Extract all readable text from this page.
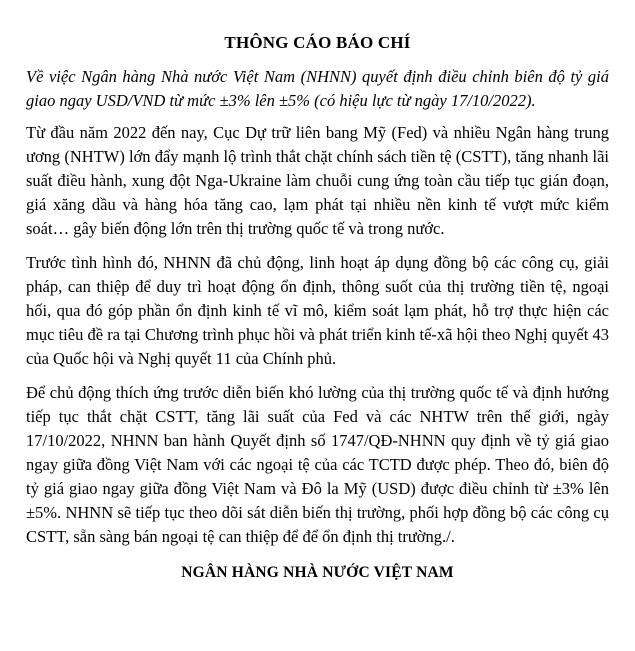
THÔNG CÁO BÁO CHÍ

Về việc Ngân hàng Nhà nước Việt Nam (NHNN) quyết định điều chỉnh biên độ tỷ giá giao ngay USD/VND từ mức ±3% lên ±5% (có hiệu lực từ ngày 17/10/2022).

Từ đầu năm 2022 đến nay, Cục Dự trữ liên bang Mỹ (Fed) và nhiều Ngân hàng trung ương (NHTW) lớn đẩy mạnh lộ trình thắt chặt chính sách tiền tệ (CSTT), tăng nhanh lãi suất điều hành, xung đột Nga-Ukraine làm chuỗi cung ứng toàn cầu tiếp tục gián đoạn, giá xăng dầu và hàng hóa tăng cao, lạm phát tại nhiều nền kinh tế vượt mức kiểm soát… gây biến động lớn trên thị trường quốc tế và trong nước.

Trước tình hình đó, NHNN đã chủ động, linh hoạt áp dụng đồng bộ các công cụ, giải pháp, can thiệp để duy trì hoạt động ổn định, thông suốt của thị trường tiền tệ, ngoại hối, qua đó góp phần ổn định kinh tế vĩ mô, kiểm soát lạm phát, hỗ trợ thực hiện các mục tiêu đề ra tại Chương trình phục hồi và phát triển kinh tế-xã hội theo Nghị quyết 43 của Quốc hội và Nghị quyết 11 của Chính phủ.

Để chủ động thích ứng trước diễn biến khó lường của thị trường quốc tế và định hướng tiếp tục thắt chặt CSTT, tăng lãi suất của Fed và các NHTW trên thế giới, ngày 17/10/2022, NHNN ban hành Quyết định số 1747/QĐ-NHNN quy định về tỷ giá giao ngay giữa đồng Việt Nam với các ngoại tệ của các TCTD được phép. Theo đó, biên độ tỷ giá giao ngay giữa đồng Việt Nam và Đô la Mỹ (USD) được điều chỉnh từ ±3% lên ±5%. NHNN sẽ tiếp tục theo dõi sát diễn biến thị trường, phối hợp đồng bộ các công cụ CSTT, sẵn sàng bán ngoại tệ can thiệp để để ổn định thị trường./.

NGÂN HÀNG NHÀ NƯỚC VIỆT NAM
